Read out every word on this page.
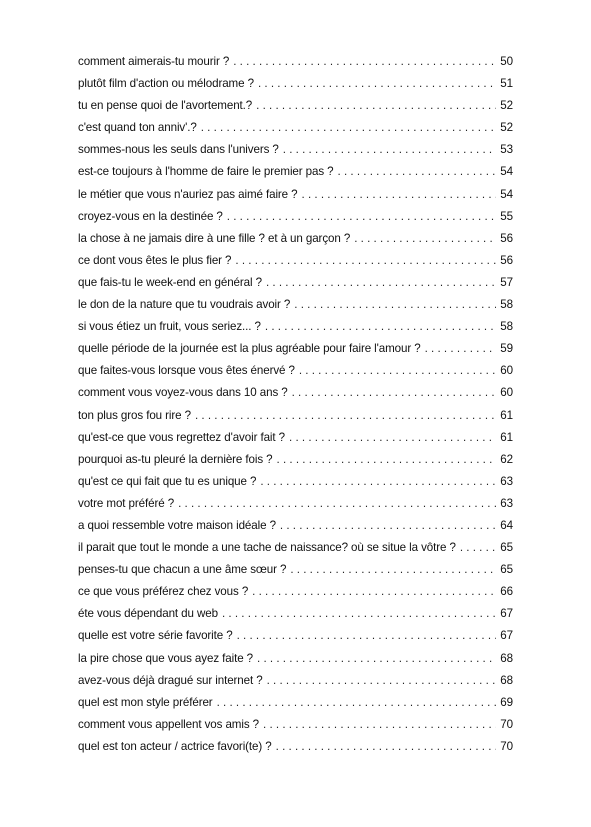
comment aimerais-tu mourir ? . . .	50
plutôt film d'action ou mélodrame ? . . .	51
tu en pense quoi de l'avortement.? . . .	52
c'est quand ton anniv'.? . . .	52
sommes-nous les seuls dans l'univers ? . . .	53
est-ce toujours à l'homme de faire le premier pas ? . . .	54
le métier que vous n'auriez pas aimé faire ? . . .	54
croyez-vous en la destinée ? . . .	55
la chose à ne jamais dire à une fille ? et à un garçon ? . . .	56
ce dont vous êtes le plus fier ? . . .	56
que fais-tu le week-end en général ? . . .	57
le don de la nature que tu voudrais avoir ? . . .	58
si vous étiez un fruit, vous seriez... ? . . .	58
quelle période de la journée est la plus agréable pour faire l'amour ? . . .	59
que faites-vous lorsque vous êtes énervé ? . . .	60
comment vous voyez-vous dans 10 ans ? . . .	60
ton plus gros fou rire ? . . .	61
qu'est-ce que vous regrettez d'avoir fait ? . . .	61
pourquoi as-tu pleuré la dernière fois ? . . .	62
qu'est ce qui fait que tu es unique ? . . .	63
votre mot préféré ? . . .	63
a quoi ressemble votre maison idéale ? . . .	64
il parait que tout le monde a une tache de naissance? où se situe la vôtre ? . . .	65
penses-tu que chacun a une âme sœur ? . . .	65
ce que vous préférez chez vous ? . . .	66
éte vous dépendant du web . . .	67
quelle est votre série favorite ? . . .	67
la pire chose que vous ayez faite ? . . .	68
avez-vous déjà dragué sur internet ? . . .	68
quel est mon style préférer . . .	69
comment vous appellent vos amis ? . . .	70
quel est ton acteur / actrice favori(te) ? . . .	70
